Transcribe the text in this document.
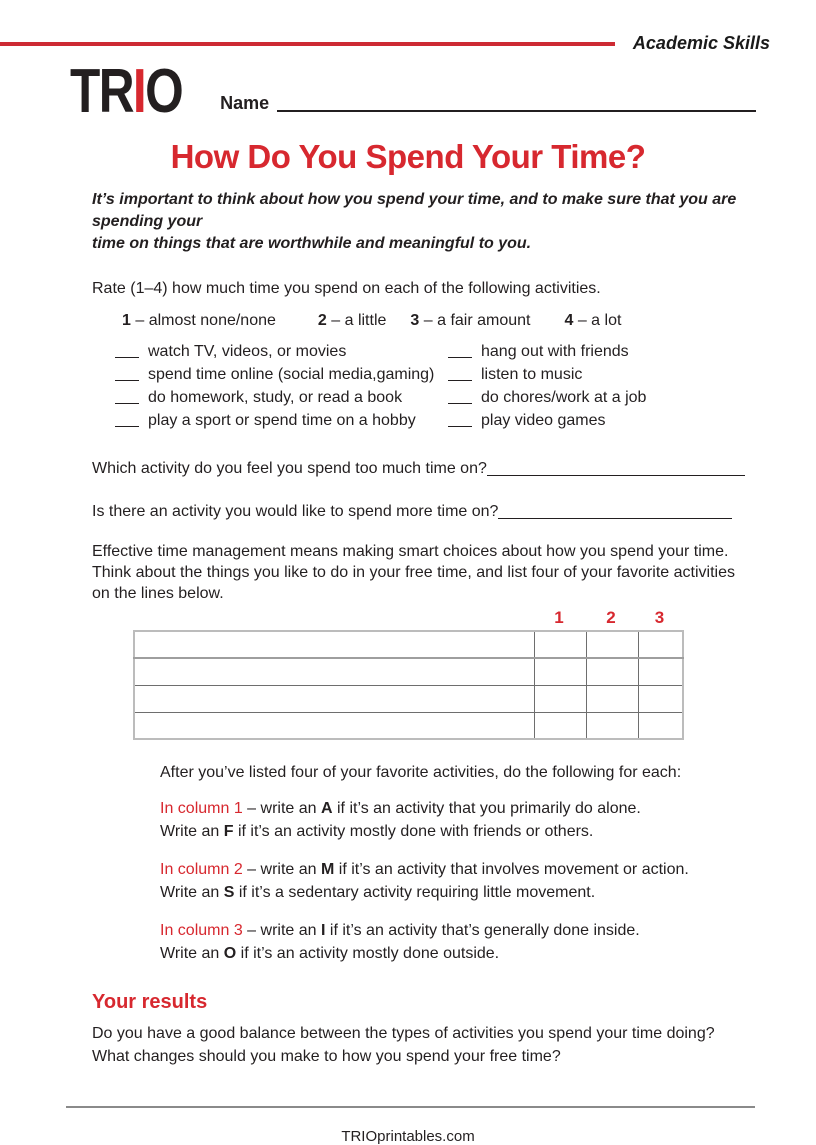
Academic Skills
TRIO Name
How Do You Spend Your Time?
It’s important to think about how you spend your time, and to make sure that you are spending your
time on things that are worthwhile and meaningful to you.
Rate (1–4) how much time you spend on each of the following activities.
1 – almost none/none	2 – a little 3 – a fair amount 4 – a lot
watch TV, videos, or movies	hang out with friends
spend time online (social media,gaming)	listen to music
do homework, study, or read a book	do chores/work at a job
play a sport or spend time on a hobby	play video games
Which activity do you feel you spend too much time on?
Is there an activity you would like to spend more time on?
Effective time management means making smart choices about how you spend your time.
Think about the things you like to do in your free time, and list four of your favorite activities
on the lines below.
1	2	3

After you’ve listed four of your favorite activities, do the following for each:
In column 1 – write an A if it’s an activity that you primarily do alone.
Write an F if it’s an activity mostly done with friends or others.
In column 2 – write an M if it’s an activity that involves movement or action.
Write an S if it’s a sedentary activity requiring little movement.
In column 3 – write an I if it’s an activity that’s generally done inside.
Write an O if it’s an activity mostly done outside.
Your results
Do you have a good balance between the types of activities you spend your time doing?
What changes should you make to how you spend your free time?
TRIOprintables.com
